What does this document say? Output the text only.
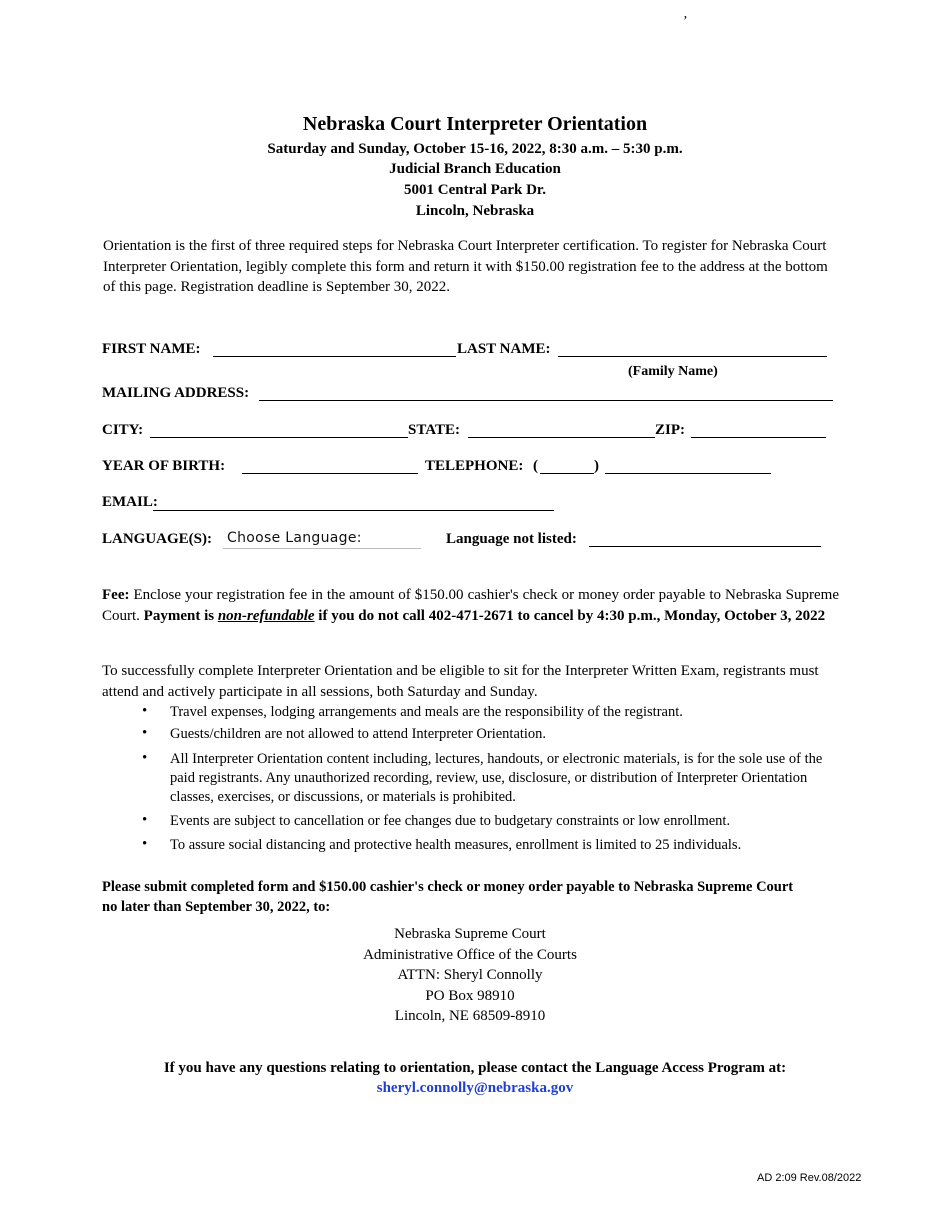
’
Nebraska Court Interpreter Orientation
Saturday and Sunday, October 15-16, 2022, 8:30 a.m. – 5:30 p.m.
Judicial Branch Education
5001 Central Park Dr.
Lincoln, Nebraska
Orientation is the first of three required steps for Nebraska Court Interpreter certification. To register for Nebraska Court Interpreter Orientation, legibly complete this form and return it with $150.00 registration fee to the address at the bottom of this page. Registration deadline is September 30, 2022.
FIRST NAME:	LAST NAME:
(Family Name)
MAILING ADDRESS:
CITY:	STATE:	ZIP:
YEAR OF BIRTH:	TELEPHONE: (	)
EMAIL:
LANGUAGE(S): Choose Language:	Language not listed:
Fee: Enclose your registration fee in the amount of $150.00 cashier's check or money order payable to Nebraska Supreme Court. Payment is non-refundable if you do not call 402-471-2671 to cancel by 4:30 p.m., Monday, October 3, 2022
To successfully complete Interpreter Orientation and be eligible to sit for the Interpreter Written Exam, registrants must attend and actively participate in all sessions, both Saturday and Sunday.
• Travel expenses, lodging arrangements and meals are the responsibility of the registrant.
• Guests/children are not allowed to attend Interpreter Orientation.
• All Interpreter Orientation content including, lectures, handouts, or electronic materials, is for the sole use of the paid registrants. Any unauthorized recording, review, use, disclosure, or distribution of Interpreter Orientation classes, exercises, or discussions, or materials is prohibited.
• Events are subject to cancellation or fee changes due to budgetary constraints or low enrollment.
• To assure social distancing and protective health measures, enrollment is limited to 25 individuals.
Please submit completed form and $150.00 cashier's check or money order payable to Nebraska Supreme Court no later than September 30, 2022, to:
Nebraska Supreme Court
Administrative Office of the Courts
ATTN: Sheryl Connolly
PO Box 98910
Lincoln, NE 68509-8910
If you have any questions relating to orientation, please contact the Language Access Program at:
sheryl.connolly@nebraska.gov
AD 2:09 Rev.08/2022
